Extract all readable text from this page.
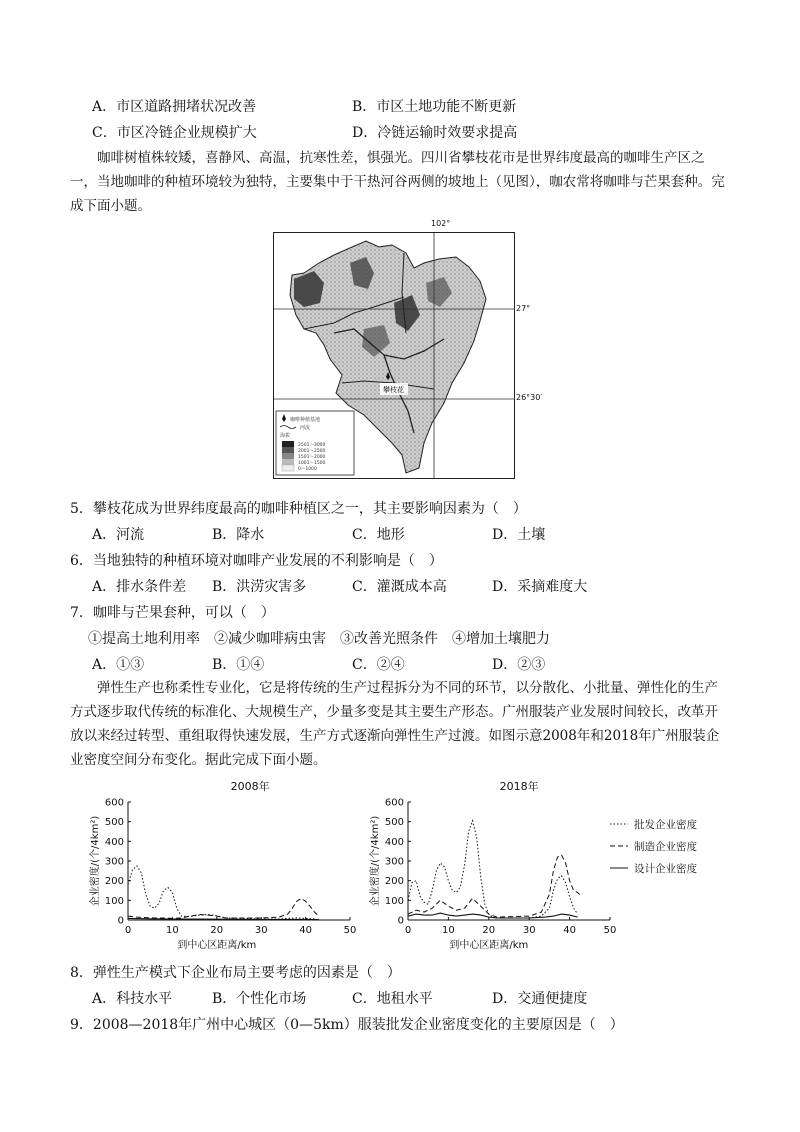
A．市区道路拥堵状况改善	B．市区土地功能不断更新
C．市区冷链企业规模扩大	D．冷链运输时效要求提高
咖啡树植株较矮，喜静风、高温，抗寒性差，惧强光。四川省攀枝花市是世界纬度最高的咖啡生产区之一，当地咖啡的种植环境较为独特，主要集中于干热河谷两侧的坡地上（见图），咖农常将咖啡与芒果套种。完成下面小题。
102°
攀枝花
咖啡种植基地
河流
海拔
2501～3000
2001～2500
1501～2000
1001～1500
0～1000
27°
26°30′
5．攀枝花成为世界纬度最高的咖啡种植区之一，其主要影响因素为（　）
A．河流	B．降水	C．地形	D．土壤
6．当地独特的种植环境对咖啡产业发展的不利影响是（　）
A．排水条件差 B．洪涝灾害多	C．灌溉成本高	D．采摘难度大
7．咖啡与芒果套种，可以（　）
①提高土地利用率　②减少咖啡病虫害　③改善光照条件　④增加土壤肥力
A．①③	B．①④	C．②④	D．②③
弹性生产也称柔性专业化，它是将传统的生产过程拆分为不同的环节，以分散化、小批量、弹性化的生产方式逐步取代传统的标准化、大规模生产，少量多变是其主要生产形态。广州服装产业发展时间较长，改革开放以来经过转型、重组取得快速发展，生产方式逐渐向弹性生产过渡。如图示意2008年和2018年广州服装企业密度空间分布变化。据此完成下面小题。
2008年
0
100
200
300
400
500
600
0	10	20	30	40	50
到中心区距离/km
企业密度/(个/4km²)
2018年
0
100
200
300
400
500
600
0	10	20	30	40	50
到中心区距离/km
企业密度/(个/4km²)	批发企业密度
制造企业密度
设计企业密度
8．弹性生产模式下企业布局主要考虑的因素是（　）
A．科技水平	B．个性化市场	C．地租水平	D．交通便捷度
9．2008—2018年广州中心城区（0—5km）服装批发企业密度变化的主要原因是（　）
